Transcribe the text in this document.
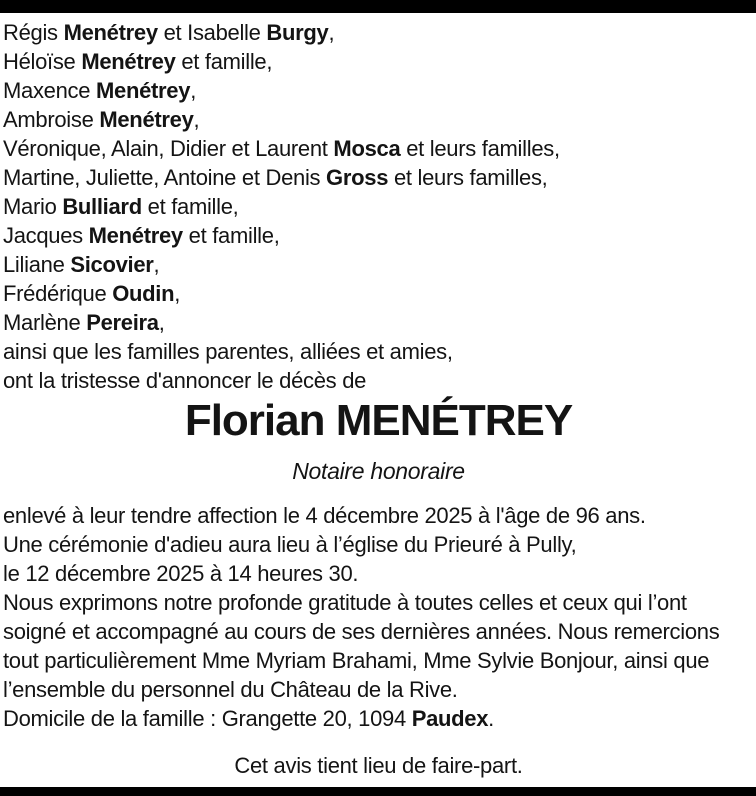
Régis Menétrey et Isabelle Burgy,
Héloïse Menétrey et famille,
Maxence Menétrey,
Ambroise Menétrey,
Véronique, Alain, Didier et Laurent Mosca et leurs familles,
Martine, Juliette, Antoine et Denis Gross et leurs familles,
Mario Bulliard et famille,
Jacques Menétrey et famille,
Liliane Sicovier,
Frédérique Oudin,
Marlène Pereira,
ainsi que les familles parentes, alliées et amies,
ont la tristesse d'annoncer le décès de
Florian MENÉTREY
Notaire honoraire
enlevé à leur tendre affection le 4 décembre 2025 à l'âge de 96 ans.
Une cérémonie d'adieu aura lieu à l’église du Prieuré à Pully,
le 12 décembre 2025 à 14 heures 30.
Nous exprimons notre profonde gratitude à toutes celles et ceux qui l’ont
soigné et accompagné au cours de ses dernières années. Nous remercions
tout particulièrement Mme Myriam Brahami, Mme Sylvie Bonjour, ainsi que
l’ensemble du personnel du Château de la Rive.
Domicile de la famille : Grangette 20, 1094 Paudex.
Cet avis tient lieu de faire-part.
